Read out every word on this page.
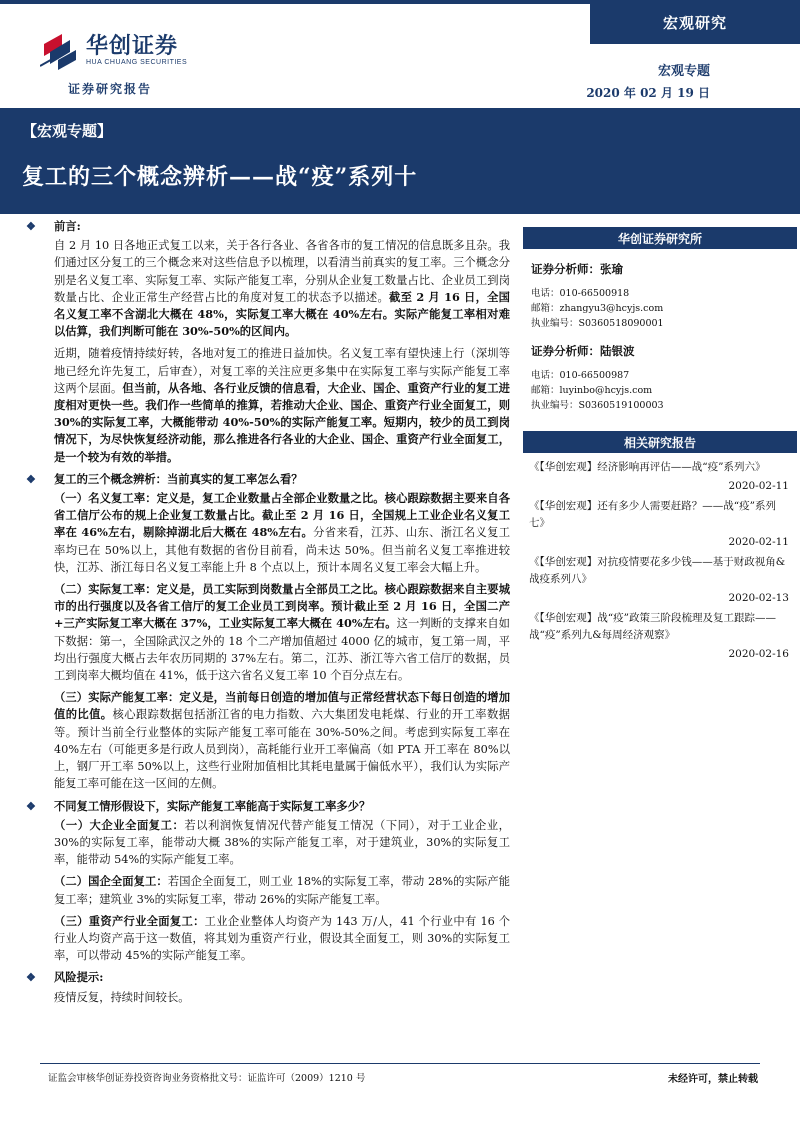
宏观研究
华创证券
HUA CHUANG SECURITIES
证券研究报告
宏观专题
2020 年 02 月 19 日
【宏观专题】
复工的三个概念辨析——战“疫”系列十
❖	前言:
自 2 月 10 日各地正式复工以来，关于各行各业、各省各市的复工情况的信息既多且杂。我们通过区分复工的三个概念来对这些信息予以梳理，以看清当前真实的复工率。三个概念分别是名义复工率、实际复工率、实际产能复工率，分别从企业复工数量占比、企业员工到岗数量占比、企业正常生产经营占比的角度对复工的状态予以描述。截至 2 月 16 日，全国名义复工率不含湖北大概在 48%，实际复工率大概在 40%左右。实际产能复工率相对难以估算，我们判断可能在 30%-50%的区间内。
近期，随着疫情持续好转，各地对复工的推进日益加快。名义复工率有望快速上行（深圳等地已经允许先复工，后审查），对复工率的关注应更多集中在实际复工率与实际产能复工率这两个层面。但当前，从各地、各行业反馈的信息看，大企业、国企、重资产行业的复工进度相对更快一些。我们作一些简单的推算，若推动大企业、国企、重资产行业全面复工，则 30%的实际复工率，大概能带动 40%-50%的实际产能复工率。短期内，较少的员工到岗情况下，为尽快恢复经济动能，那么推进各行各业的大企业、国企、重资产行业全面复工，是一个较为有效的举措。
❖	复工的三个概念辨析：当前真实的复工率怎么看？
（一）名义复工率：定义是，复工企业数量占全部企业数量之比。核心跟踪数据主要来自各省工信厅公布的规上企业复工数量占比。截止至 2 月 16 日，全国规上工业企业名义复工率在 46%左右，剔除掉湖北后大概在 48%左右。分省来看，江苏、山东、浙江名义复工率均已在 50%以上，其他有数据的省份目前看，尚未达 50%。但当前名义复工率推进较快，江苏、浙江每日名义复工率能上升 8 个点以上，预计本周名义复工率会大幅上升。
（二）实际复工率：定义是，员工实际到岗数量占全部员工之比。核心跟踪数据来自主要城市的出行强度以及各省工信厅的复工企业员工到岗率。预计截止至 2 月 16 日，全国二产+三产实际复工率大概在 37%，工业实际复工率大概在 40%左右。这一判断的支撑来自如下数据：第一，全国除武汉之外的 18 个二产增加值超过 4000 亿的城市，复工第一周，平均出行强度大概占去年农历同期的 37%左右。第二，江苏、浙江等六省工信厅的数据，员工到岗率大概均值在 41%，低于这六省名义复工率 10 个百分点左右。
（三）实际产能复工率：定义是，当前每日创造的增加值与正常经营状态下每日创造的增加值的比值。核心跟踪数据包括浙江省的电力指数、六大集团发电耗煤、行业的开工率数据等。预计当前全行业整体的实际产能复工率可能在 30%-50%之间。考虑到实际复工率在 40%左右（可能更多是行政人员到岗），高耗能行业开工率偏高（如 PTA 开工率在 80%以上，钢厂开工率 50%以上，这些行业附加值相比其耗电量属于偏低水平），我们认为实际产能复工率可能在这一区间的左侧。
❖	不同复工情形假设下，实际产能复工率能高于实际复工率多少？
（一）大企业全面复工：若以利润恢复情况代替产能复工情况（下同），对于工业企业，30%的实际复工率，能带动大概 38%的实际产能复工率，对于建筑业，30%的实际复工率，能带动 54%的实际产能复工率。
（二）国企全面复工：若国企全面复工，则工业 18%的实际复工率，带动 28%的实际产能复工率；建筑业 3%的实际复工率，带动 26%的实际产能复工率。
（三）重资产行业全面复工：工业企业整体人均资产为 143 万/人，41 个行业中有 16 个行业人均资产高于这一数值，将其划为重资产行业，假设其全面复工，则 30%的实际复工率，可以带动 45%的实际产能复工率。
❖	风险提示:
疫情反复，持续时间较长。
华创证券研究所
证券分析师：张瑜
电话：010-66500918
邮箱：zhangyu3@hcyjs.com
执业编号：S0360518090001
证券分析师：陆银波
电话：010-66500987
邮箱：luyinbo@hcyjs.com
执业编号：S0360519100003
相关研究报告
《【华创宏观】经济影响再评估——战“疫”系列六》
2020-02-11
《【华创宏观】还有多少人需要赶路？——战“疫”系列七》
2020-02-11
《【华创宏观】对抗疫情要花多少钱——基于财政视角&战疫系列八》
2020-02-13
《【华创宏观】战“疫”政策三阶段梳理及复工跟踪——战“疫”系列九&每周经济观察》
2020-02-16
证监会审核华创证券投资咨询业务资格批文号：证监许可（2009）1210 号	未经许可，禁止转载
